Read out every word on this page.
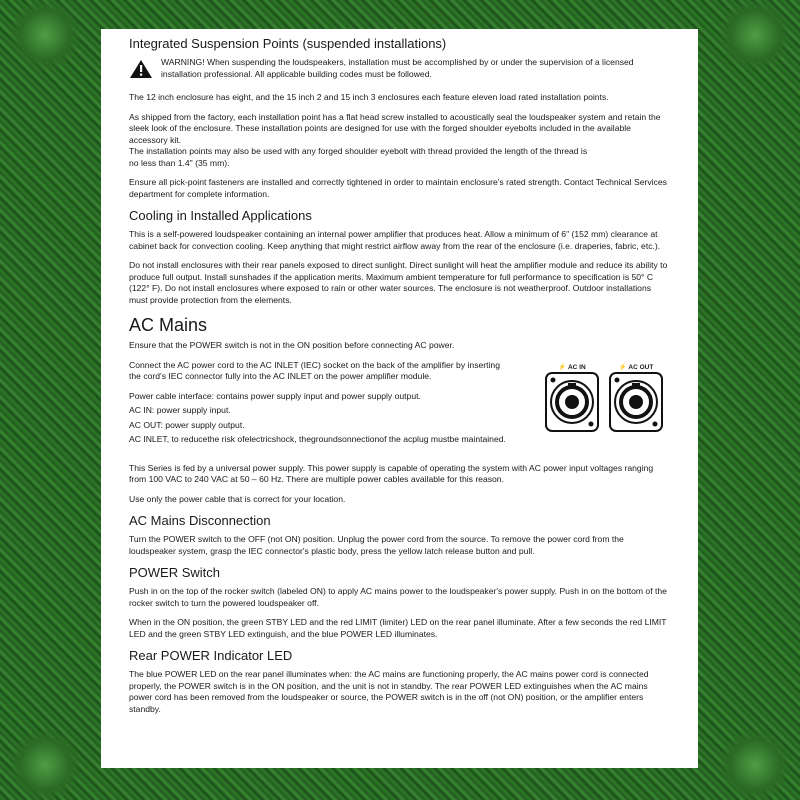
Integrated Suspension Points (suspended installations)

WARNING! When suspending the loudspeakers, installation must be accomplished by or under the supervision of a licensed installation professional. All applicable building codes must be followed.

The 12 inch enclosure has eight, and the 15 inch 2 and 15 inch 3 enclosures each feature eleven load rated installation points.

As shipped from the factory, each installation point has a flat head screw installed to acoustically seal the loudspeaker system and retain the sleek look of the enclosure. These installation points are designed for use with the forged shoulder eyebolts included in the available accessory kit.
The installation points may also be used with any forged shoulder eyebolt with thread provided the length of the thread is
no less than 1.4" (35 mm).

Ensure all pick-point fasteners are installed and correctly tightened in order to maintain enclosure's rated strength. Contact Technical Services department for complete information.

Cooling in Installed Applications

This is a self-powered loudspeaker containing an internal power amplifier that produces heat. Allow a minimum of 6" (152 mm) clearance at cabinet back for convection cooling. Keep anything that might restrict airflow away from the rear of the enclosure (i.e. draperies, fabric, etc.).

Do not install enclosures with their rear panels exposed to direct sunlight. Direct sunlight will heat the amplifier module and reduce its ability to produce full output. Install sunshades if the application merits. Maximum ambient temperature for full performance to specification is 50° C
(122° F). Do not install enclosures where exposed to rain or other water sources. The enclosure is not weatherproof. Outdoor installations must provide protection from the elements.

AC Mains

Ensure that the POWER switch is not in the ON position before connecting AC power.

Connect the AC power cord to the AC INLET (IEC) socket on the back of the amplifier by inserting the cord's IEC connector fully into the AC INLET on the power amplifier module.

Power cable interface: contains power supply input and power supply output.

AC IN: power supply input.

AC OUT: power supply output.

AC INLET, to reducethe risk ofelectricshock, thegroundsonnectionof the acplug mustbe maintained.

⚡ AC IN	⚡ AC OUT

This Series is fed by a universal power supply. This power supply is capable of operating the system with AC power input voltages ranging from 100 VAC to 240 VAC at 50 – 60 Hz. There are multiple power cables available for this reason.

Use only the power cable that is correct for your location.

AC Mains Disconnection

Turn the POWER switch to the OFF (not ON) position. Unplug the power cord from the source. To remove the power cord from the loudspeaker system, grasp the IEC connector's plastic body, press the yellow latch release button and pull.

POWER Switch

Push in on the top of the rocker switch (labeled ON) to apply AC mains power to the loudspeaker's power supply. Push in on the bottom of the rocker switch to turn the powered loudspeaker off.

When in the ON position, the green STBY LED and the red LIMIT (limiter) LED on the rear panel illuminate. After a few seconds the red LIMIT LED and the green STBY LED extinguish, and the blue POWER LED illuminates.

Rear POWER Indicator LED

The blue POWER LED on the rear panel illuminates when: the AC mains are functioning properly, the AC mains power cord is connected properly, the POWER switch is in the ON position, and the unit is not in standby. The rear POWER LED extinguishes when the AC mains power cord has been removed from the loudspeaker or source, the POWER switch is in the off (not ON) position, or the amplifier enters standby.
